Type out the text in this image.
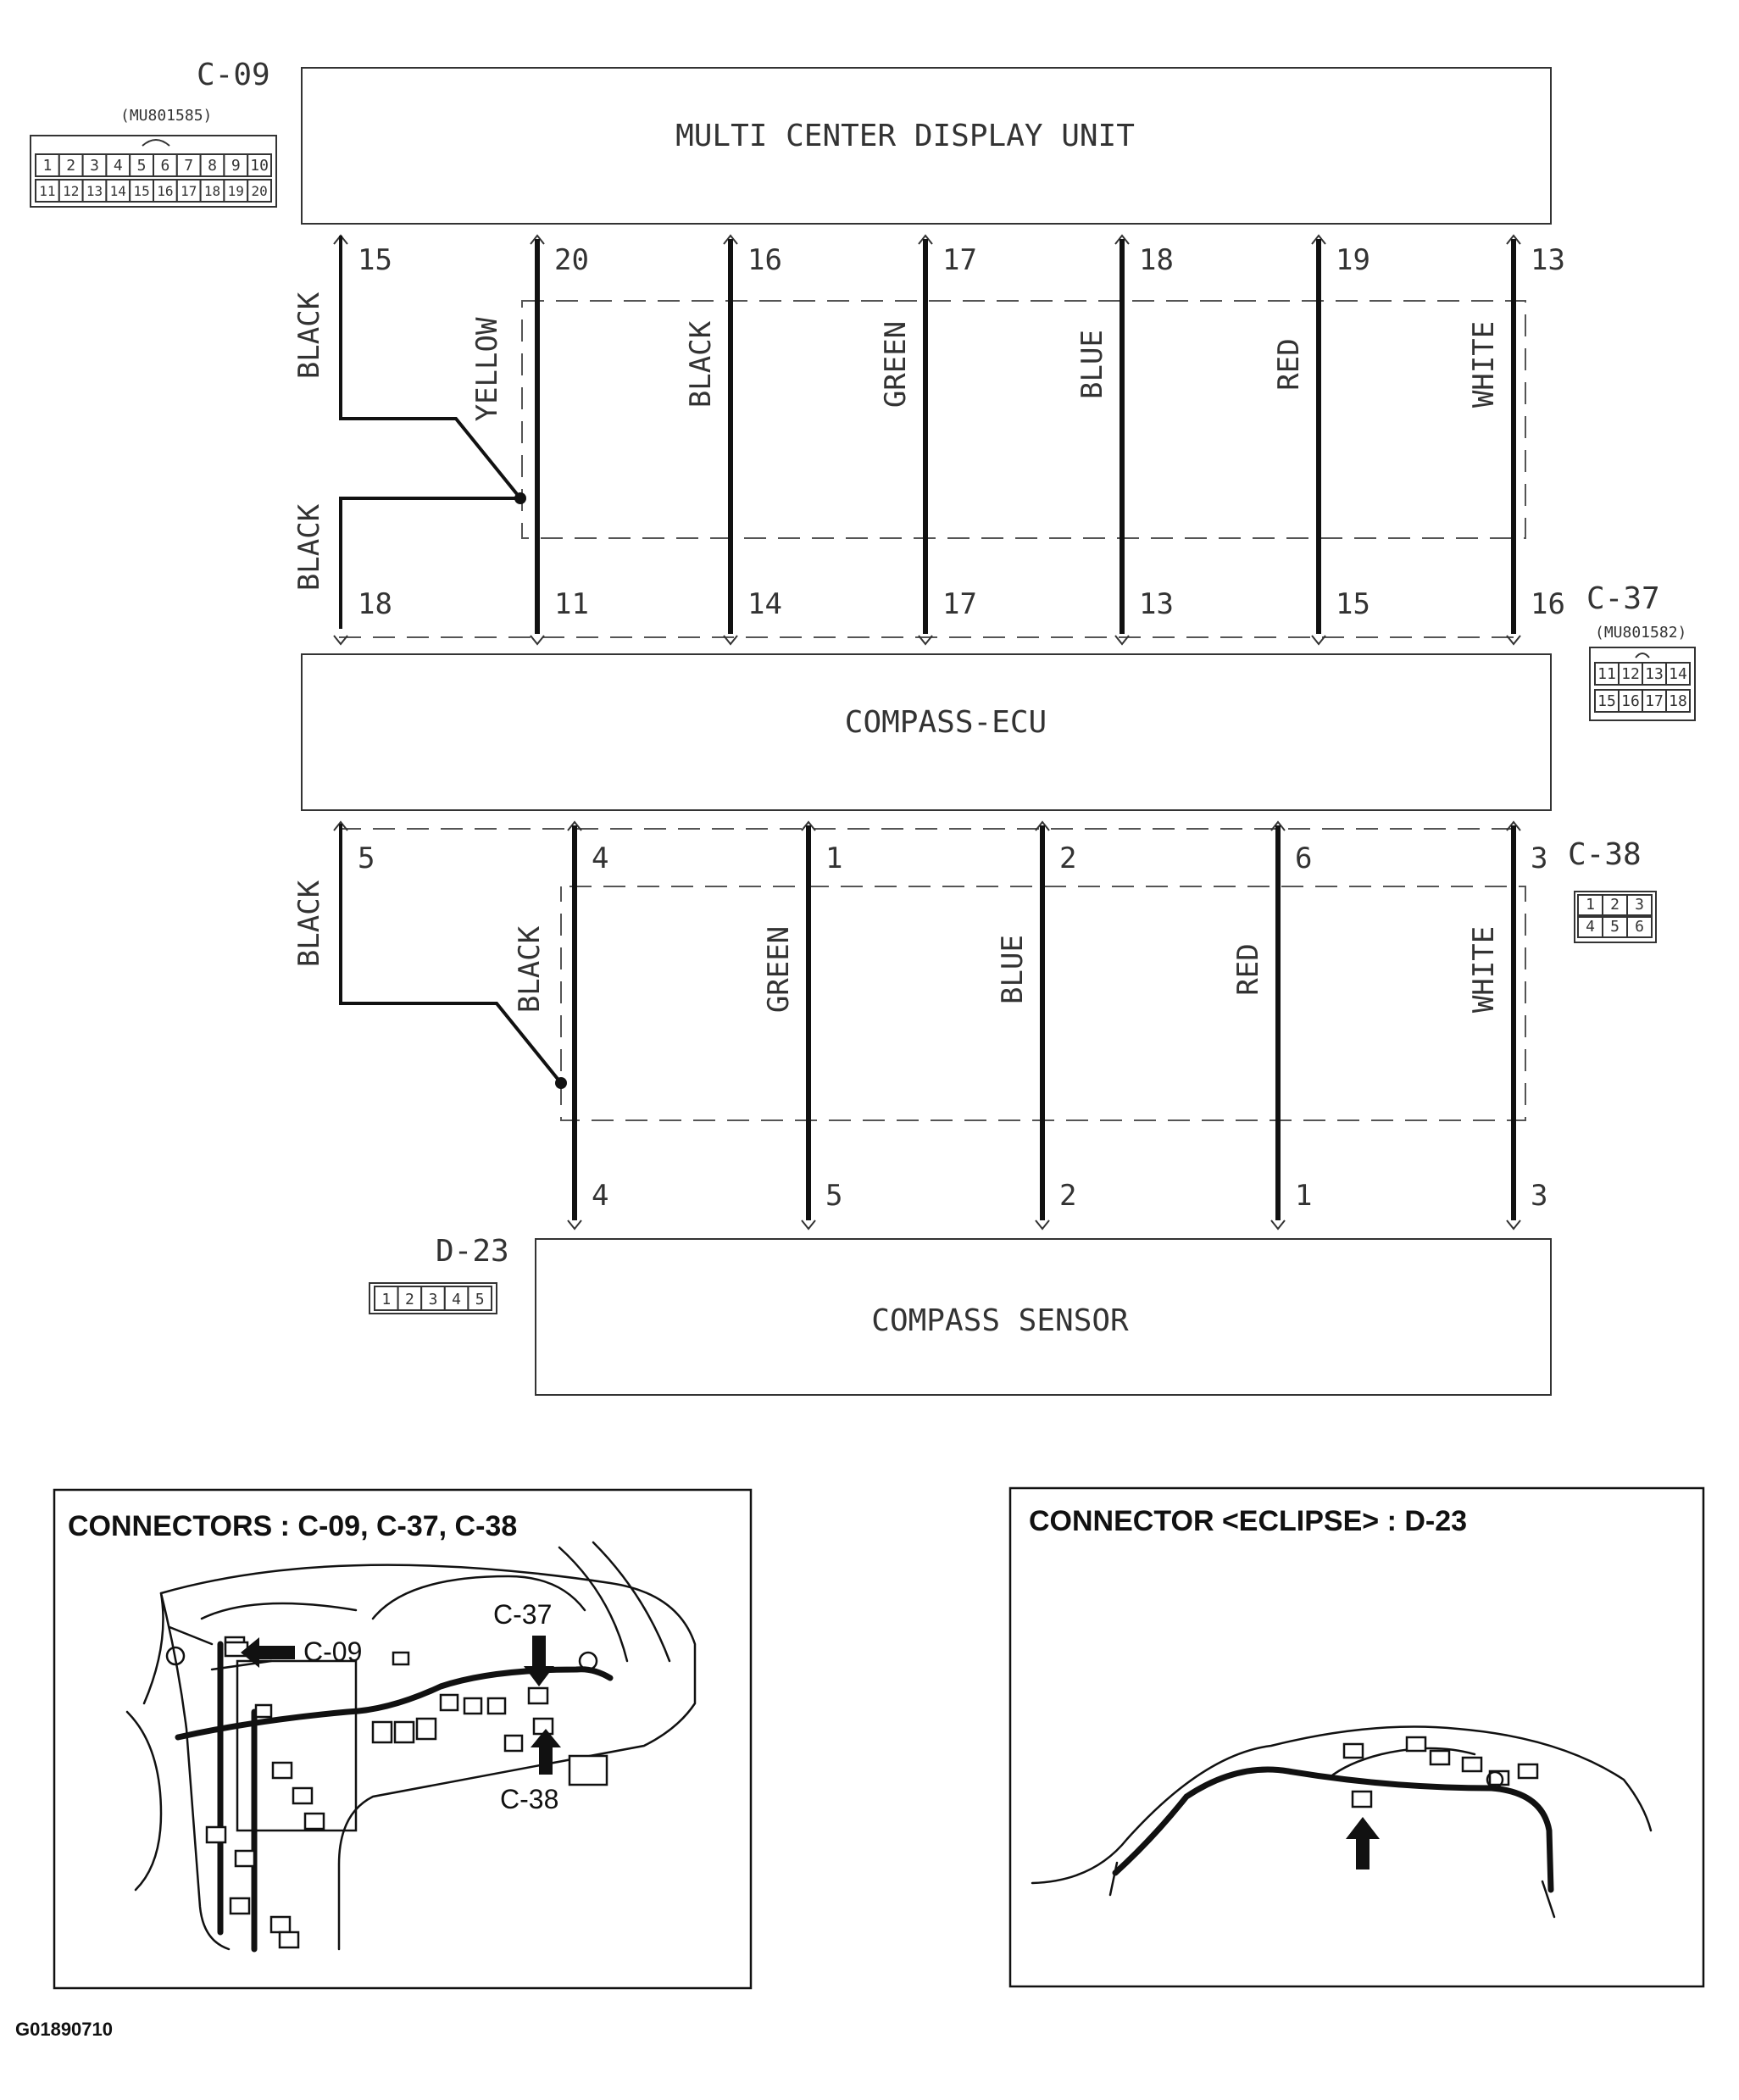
C-09
(MU801585)
1 2 3 4 5 6 7 8 9 10
11 12 13 14 15 16 17 18 19 20
MULTI CENTER DISPLAY UNIT
15
18
20
11
16
14
17
17
18
13
19
15
13
16
BLACK
BLACK
YELLOW	BLACK	GREEN	BLUE	RED	WHITE
C-37
(MU801582)
11 12 13 14
15 16 17 18
COMPASS-ECU
5
4
4
5
1
2
2
1
6
3
3
BLACK
BLACK	GREEN	BLUE	RED	WHITE
C-38
1 2 3
4 5 6
D-23
1 2 3 4 5
COMPASS SENSOR
CONNECTORS : C-09, C-37, C-38
C-09
C-37
C-38
CONNECTOR <ECLIPSE> : D-23
G01890710
